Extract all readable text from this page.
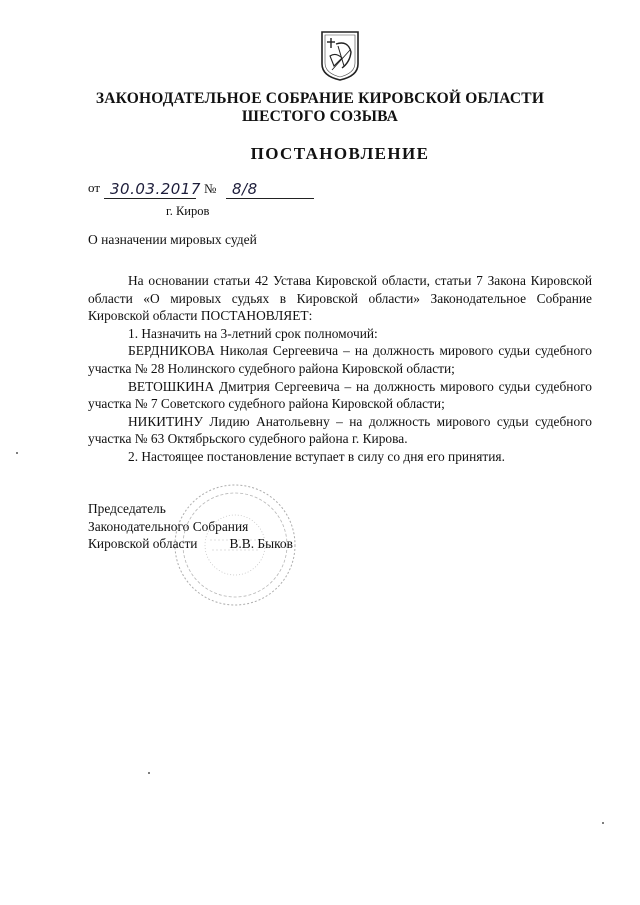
ЗАКОНОДАТЕЛЬНОЕ СОБРАНИЕ КИРОВСКОЙ ОБЛАСТИ
ШЕСТОГО СОЗЫВА
ПОСТАНОВЛЕНИЕ
от 30.03.2017 № 8/8
г. Киров
О назначении мировых судей

На основании статьи 42 Устава Кировской области, статьи 7 Закона Кировской области «О мировых судьях в Кировской области» Законодательное Собрание Кировской области ПОСТАНОВЛЯЕТ:

1. Назначить на 3-летний срок полномочий:

БЕРДНИКОВА Николая Сергеевича – на должность мирового судьи судебного участка № 28 Нолинского судебного района Кировской области;

ВЕТОШКИНА Дмитрия Сергеевича – на должность мирового судьи судебного участка № 7 Советского судебного района Кировской области;

НИКИТИНУ Лидию Анатольевну – на должность мирового судьи судебного участка № 63 Октябрьского судебного района г. Кирова.

2. Настоящее постановление вступает в силу со дня его принятия.

Председатель
Законодательного Собрания
Кировской области В.В. Быков
